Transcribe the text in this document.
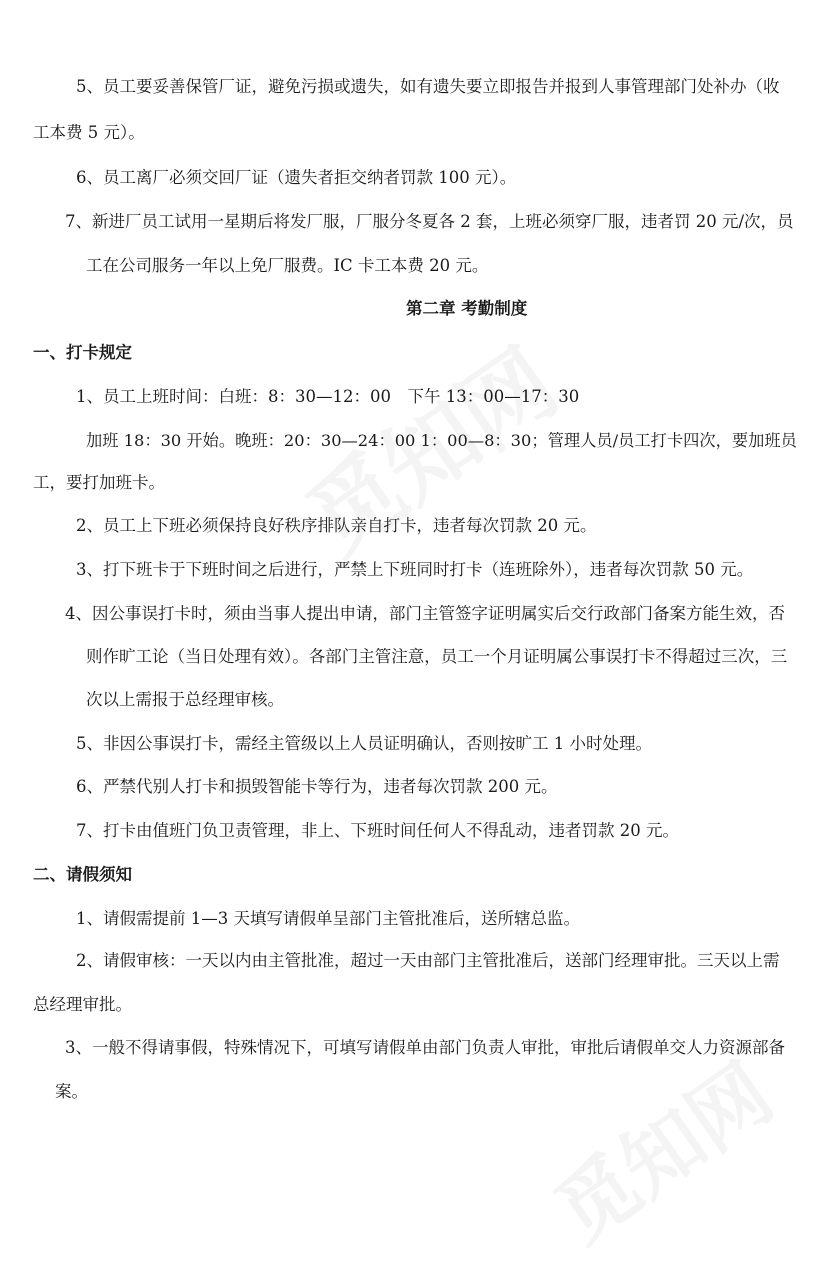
5、员工要妥善保管厂证，避免污损或遗失，如有遗失要立即报告并报到人事管理部门处补办（收
工本费 5 元）。
6、员工离厂必须交回厂证（遗失者拒交纳者罚款 100 元）。
7、新进厂员工试用一星期后将发厂服，厂服分冬夏各 2 套，上班必须穿厂服，违者罚 20 元/次，员
工在公司服务一年以上免厂服费。IC 卡工本费 20 元。
第二章 考勤制度
一、打卡规定
1、员工上班时间：白班：8：30—12：00　下午 13：00—17：30
加班 18：30 开始。晚班：20：30—24：00 1：00—8：30；管理人员/员工打卡四次，要加班员
工，要打加班卡。
2、员工上下班必须保持良好秩序排队亲自打卡，违者每次罚款 20 元。
3、打下班卡于下班时间之后进行，严禁上下班同时打卡（连班除外），违者每次罚款 50 元。
4、因公事误打卡时，须由当事人提出申请，部门主管签字证明属实后交行政部门备案方能生效，否
则作旷工论（当日处理有效）。各部门主管注意，员工一个月证明属公事误打卡不得超过三次，三
次以上需报于总经理审核。
5、非因公事误打卡，需经主管级以上人员证明确认，否则按旷工 1 小时处理。
6、严禁代别人打卡和损毁智能卡等行为，违者每次罚款 200 元。
7、打卡由值班门负卫责管理，非上、下班时间任何人不得乱动，违者罚款 20 元。
二、请假须知
1、请假需提前 1—3 天填写请假单呈部门主管批准后，送所辖总监。
2、请假审核：一天以内由主管批准，超过一天由部门主管批准后，送部门经理审批。三天以上需
总经理审批。
3、一般不得请事假，特殊情况下，可填写请假单由部门负责人审批，审批后请假单交人力资源部备
案。
